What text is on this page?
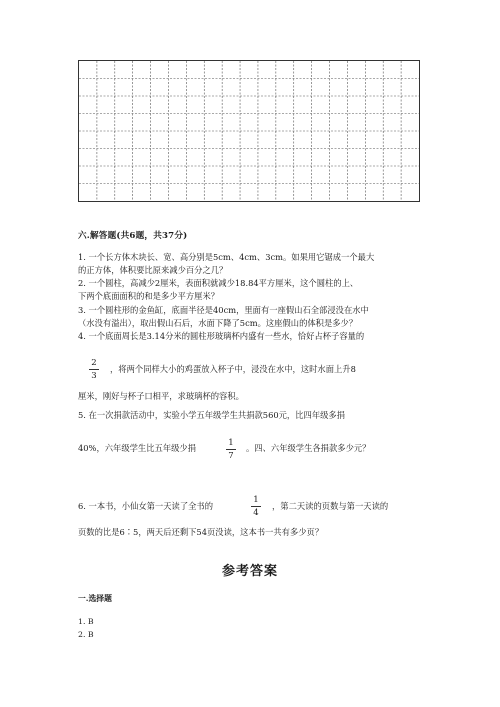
六.解答题(共6题，共37分)
1. 一个长方体木块长、宽、高分别是5cm、4cm、3cm。如果用它锯成一个最大
的正方体，体积要比原来减少百分之几？
2. 一个圆柱，高减少2厘米，表面积就减少18.84平方厘米，这个圆柱的上、
下两个底面面积的和是多少平方厘米？
3. 一个圆柱形的金鱼缸，底面半径是40cm，里面有一座假山石全部浸没在水中
（水没有溢出），取出假山石后，水面下降了5cm。这座假山的体积是多少？
4. 一个底面周长是3.14分米的圆柱形玻璃杯内盛有一些水，恰好占杯子容量的
2
3
，将两个同样大小的鸡蛋放入杯子中，浸没在水中，这时水面上升8
厘米，刚好与杯子口相平，求玻璃杯的容积。
5. 在一次捐款活动中，实验小学五年级学生共捐款560元，比四年级多捐
40%，六年级学生比五年级少捐	1
7
。四、六年级学生各捐款多少元？
6. 一本书，小仙女第一天读了全书的
1
4
，第二天读的页数与第一天读的
页数的比是6∶5，两天后还剩下54页没读，这本书一共有多少页？
参考答案
一.选择题
1. B
2. B
